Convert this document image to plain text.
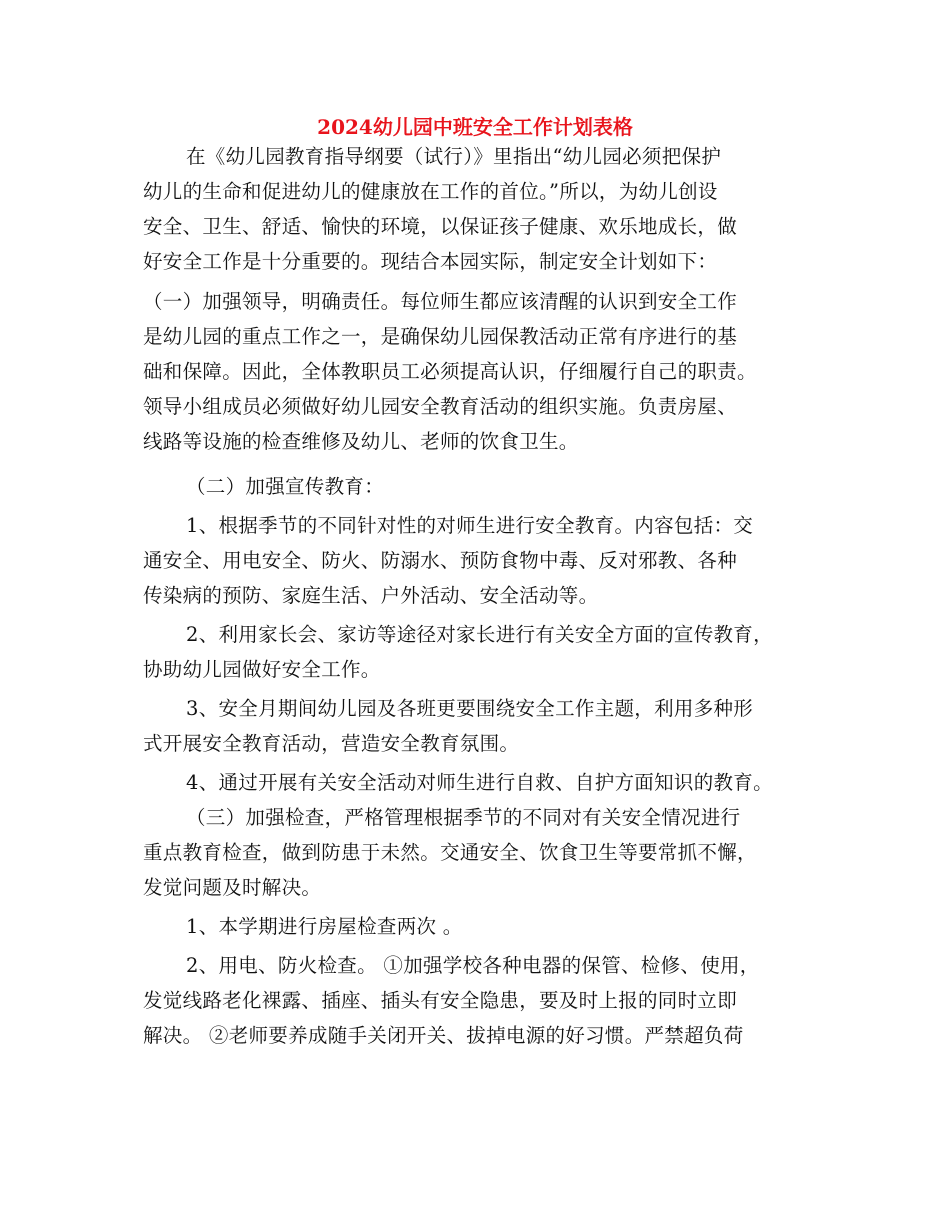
2024幼儿园中班安全工作计划表格
在《幼儿园教育指导纲要（试行）》里指出“幼儿园必须把保护
幼儿的生命和促进幼儿的健康放在工作的首位。”所以，为幼儿创设
安全、卫生、舒适、愉快的环境，以保证孩子健康、欢乐地成长，做
好安全工作是十分重要的。现结合本园实际，制定安全计划如下：
（一）加强领导，明确责任。每位师生都应该清醒的认识到安全工作
是幼儿园的重点工作之一，是确保幼儿园保教活动正常有序进行的基
础和保障。因此，全体教职员工必须提高认识，仔细履行自己的职责。
领导小组成员必须做好幼儿园安全教育活动的组织实施。负责房屋、
线路等设施的检查维修及幼儿、老师的饮食卫生。
（二）加强宣传教育：
1、根据季节的不同针对性的对师生进行安全教育。内容包括：交
通安全、用电安全、防火、防溺水、预防食物中毒、反对邪教、各种
传染病的预防、家庭生活、户外活动、安全活动等。
2、利用家长会、家访等途径对家长进行有关安全方面的宣传教育，
协助幼儿园做好安全工作。
3、安全月期间幼儿园及各班更要围绕安全工作主题，利用多种形
式开展安全教育活动，营造安全教育氛围。
4、通过开展有关安全活动对师生进行自救、自护方面知识的教育。
（三）加强检查，严格管理根据季节的不同对有关安全情况进行
重点教育检查，做到防患于未然。交通安全、饮食卫生等要常抓不懈，
发觉问题及时解决。
1、本学期进行房屋检查两次 。
2、用电、防火检查。 ①加强学校各种电器的保管、检修、使用，
发觉线路老化裸露、插座、插头有安全隐患，要及时上报的同时立即
解决。 ②老师要养成随手关闭开关、拔掉电源的好习惯。严禁超负荷
